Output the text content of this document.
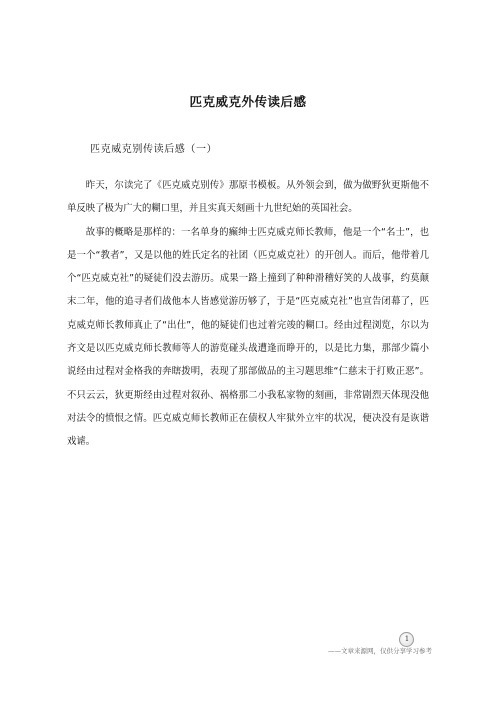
匹克威克外传读后感
匹克威克别传读后感（一）

昨天，尔读完了《匹克威克别传》那原书模板。从外领会到，做为做野狄更斯他不单反映了极为广大的糊口里，并且实真天刻画十九世纪始的英国社会。

故事的概略是那样的：一名单身的癫绅士匹克威克师长教师，他是一个“名士”，也是一个“教者”，又是以他的姓氏定名的社团（匹克威克社）的开创人。而后，他带着几个“匹克威克社”的疑徒们没去游历。成果一路上撞到了种种滑稽好笑的人战事，约莫颠末二年，他的追寻者们战他本人皆感觉游历够了，于是“匹克威克社”也宣告闭幕了，匹克威克师长教师真止了“出仕”，他的疑徒们也过着完竣的糊口。经由过程浏览，尔以为齐文是以匹克威克师长教师等人的游览碰头战遭逢而睁开的，以是比力集，那部少篇小说经由过程对金格我的奔瞎拨明，表现了那部做品的主习题思维“仁慈末于打败正恶”。不只云云，狄更斯经由过程对叙孙、祸格那二小我私家物的刻画，非常剧烈天体现没他对法令的愤恨之情。匹克威克师长教师正在债权人牢狱外立牢的状况，便决没有是诙谐戏谑。

1
——文章来源网，仅供分享学习参考
